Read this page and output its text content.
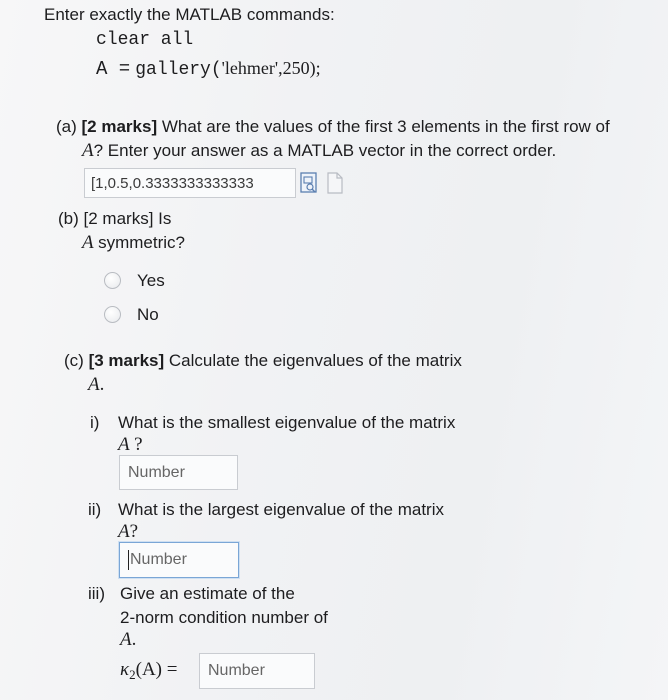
Enter exactly the MATLAB commands:
clear all
A = gallery('lehmer',250);
(a) [2 marks] What are the values of the first 3 elements in the first row of
A? Enter your answer as a MATLAB vector in the correct order.
[1,0.5,0.3333333333333
(b) [2 marks] Is
A symmetric?
Yes
No
(c) [3 marks] Calculate the eigenvalues of the matrix
A.
i) What is the smallest eigenvalue of the matrix
A ?
Number
ii) What is the largest eigenvalue of the matrix
A?
Number
iii) Give an estimate of the
2-norm condition number of
A.
$\kappa_2(A)$ =	Number
